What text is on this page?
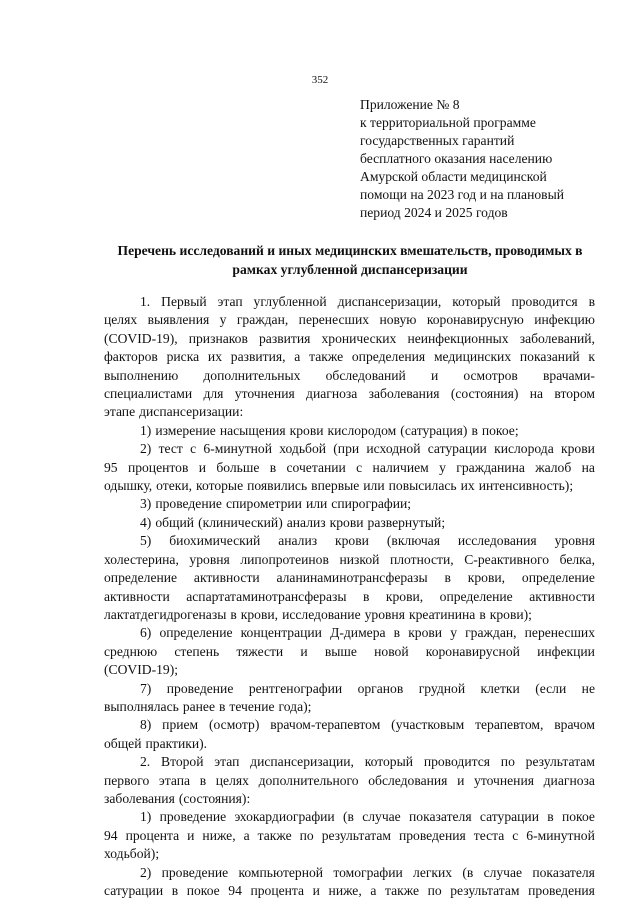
352
Приложение № 8
к территориальной программе
государственных гарантий
бесплатного оказания населению
Амурской области медицинской
помощи на 2023 год и на плановый
период 2024 и 2025 годов
Перечень исследований и иных медицинских вмешательств, проводимых в
рамках углубленной диспансеризации
1. Первый этап углубленной диспансеризации, который проводится в
целях выявления у граждан, перенесших новую коронавирусную инфекцию
(COVID-19), признаков развития хронических неинфекционных заболеваний,
факторов риска их развития, а также определения медицинских показаний к
выполнению дополнительных обследований и осмотров врачами-
специалистами для уточнения диагноза заболевания (состояния) на втором
этапе диспансеризации:
1) измерение насыщения крови кислородом (сатурация) в покое;
2) тест с 6-минутной ходьбой (при исходной сатурации кислорода крови
95 процентов и больше в сочетании с наличием у гражданина жалоб на
одышку, отеки, которые появились впервые или повысилась их интенсивность);
3) проведение спирометрии или спирографии;
4) общий (клинический) анализ крови развернутый;
5) биохимический анализ крови (включая исследования уровня
холестерина, уровня липопротеинов низкой плотности, С-реактивного белка,
определение активности аланинаминотрансферазы в крови, определение
активности аспартатаминотрансферазы в крови, определение активности
лактатдегидрогеназы в крови, исследование уровня креатинина в крови);
6) определение концентрации Д-димера в крови у граждан, перенесших
среднюю степень тяжести и выше новой коронавирусной инфекции
(COVID-19);
7) проведение рентгенографии органов грудной клетки (если не
выполнялась ранее в течение года);
8) прием (осмотр) врачом-терапевтом (участковым терапевтом, врачом
общей практики).
2. Второй этап диспансеризации, который проводится по результатам
первого этапа в целях дополнительного обследования и уточнения диагноза
заболевания (состояния):
1) проведение эхокардиографии (в случае показателя сатурации в покое
94 процента и ниже, а также по результатам проведения теста с 6-минутной
ходьбой);
2) проведение компьютерной томографии легких (в случае показателя
сатурации в покое 94 процента и ниже, а также по результатам проведения
